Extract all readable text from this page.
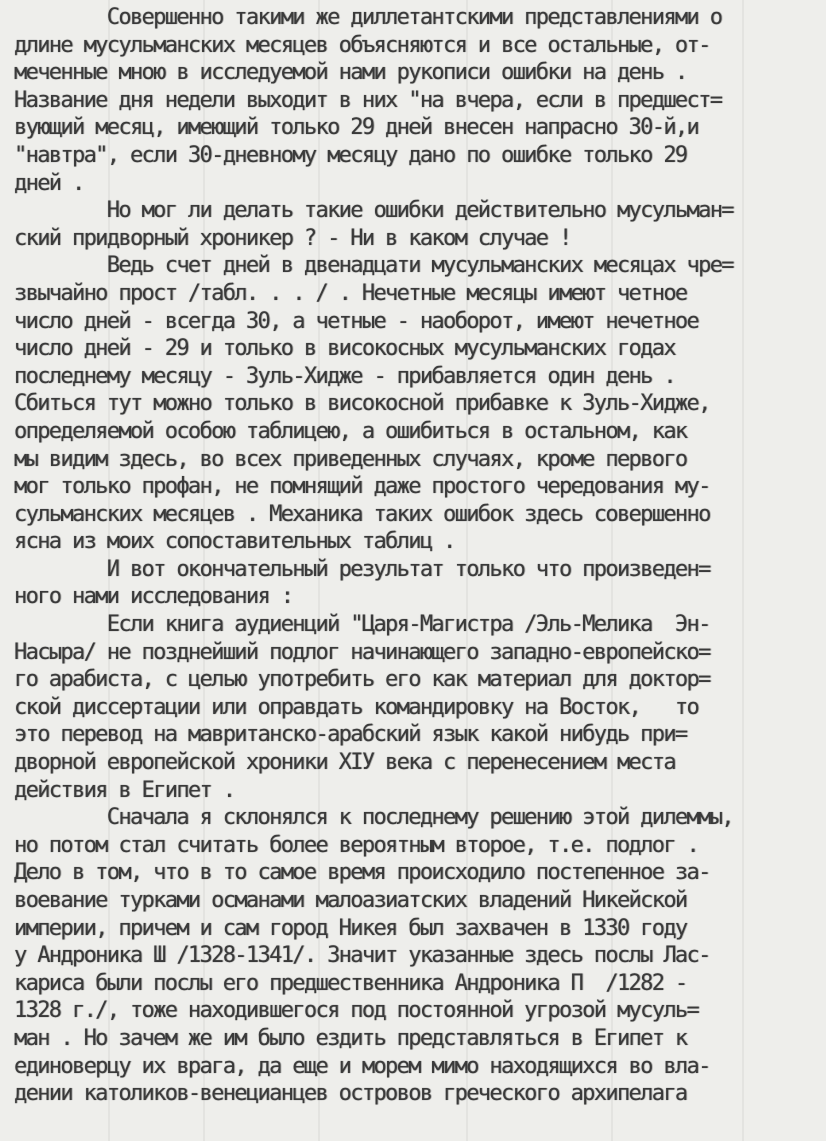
Совершенно такими же диллетантскими представлениями о
длине мусульманских месяцев объясняются и все остальные, от-
меченные мною в исследуемой нами рукописи ошибки на день .
Название дня недели выходит в них "на вчера, если в предшест=
вующий месяц, имеющий только 29 дней внесен напрасно 30-й,и
"навтра", если 30-дневному месяцу дано по ошибке только 29
дней .
Но мог ли делать такие ошибки действительно мусульман=
ский придворный хроникер ? - Ни в каком случае !
Ведь счет дней в двенадцати мусульманских месяцах чре=
звычайно прост /табл. . . / . Нечетные месяцы имеют четное
число дней - всегда 30, а четные - наоборот, имеют нечетное
число дней - 29 и только в високосных мусульманских годах
последнему месяцу - Зуль-Хидже - прибавляется один день .
Сбиться тут можно только в високосной прибавке к Зуль-Хидже,
определяемой особою таблицею, а ошибиться в остальном, как
мы видим здесь, во всех приведенных случаях, кроме первого
мог только профан, не помнящий даже простого чередования му-
сульманских месяцев . Механика таких ошибок здесь совершенно
ясна из моих сопоставительных таблиц .
И вот окончательный результат только что произведен=
ного нами исследования :
Если книга аудиенций "Царя-Магистра /Эль-Мелика  Эн-
Насыра/ не позднейший подлог начинающего западно-европейско=
го арабиста, с целью употребить его как материал для доктор=
ской диссертации или оправдать командировку на Восток,   то
это перевод на мавританско-арабский язык какой нибудь при=
дворной европейской хроники XIУ века с перенесением места
действия в Египет .
Сначала я склонялся к последнему решению этой дилеммы,
но потом стал считать более вероятным второе, т.е. подлог .
Дело в том, что в то самое время происходило постепенное за-
воевание турками османами малоазиатских владений Никейской
империи, причем и сам город Никея был захвачен в 1330 году
у Андроника Ш /1328-1341/. Значит указанные здесь послы Лас-
кариса были послы его предшественника Андроника П  /1282 -
1328 г./, тоже находившегося под постоянной угрозой мусуль=
ман . Но зачем же им было ездить представляться в Египет к
единоверцу их врага, да еще и морем мимо находящихся во вла-
дении католиков-венецианцев островов греческого архипелага
